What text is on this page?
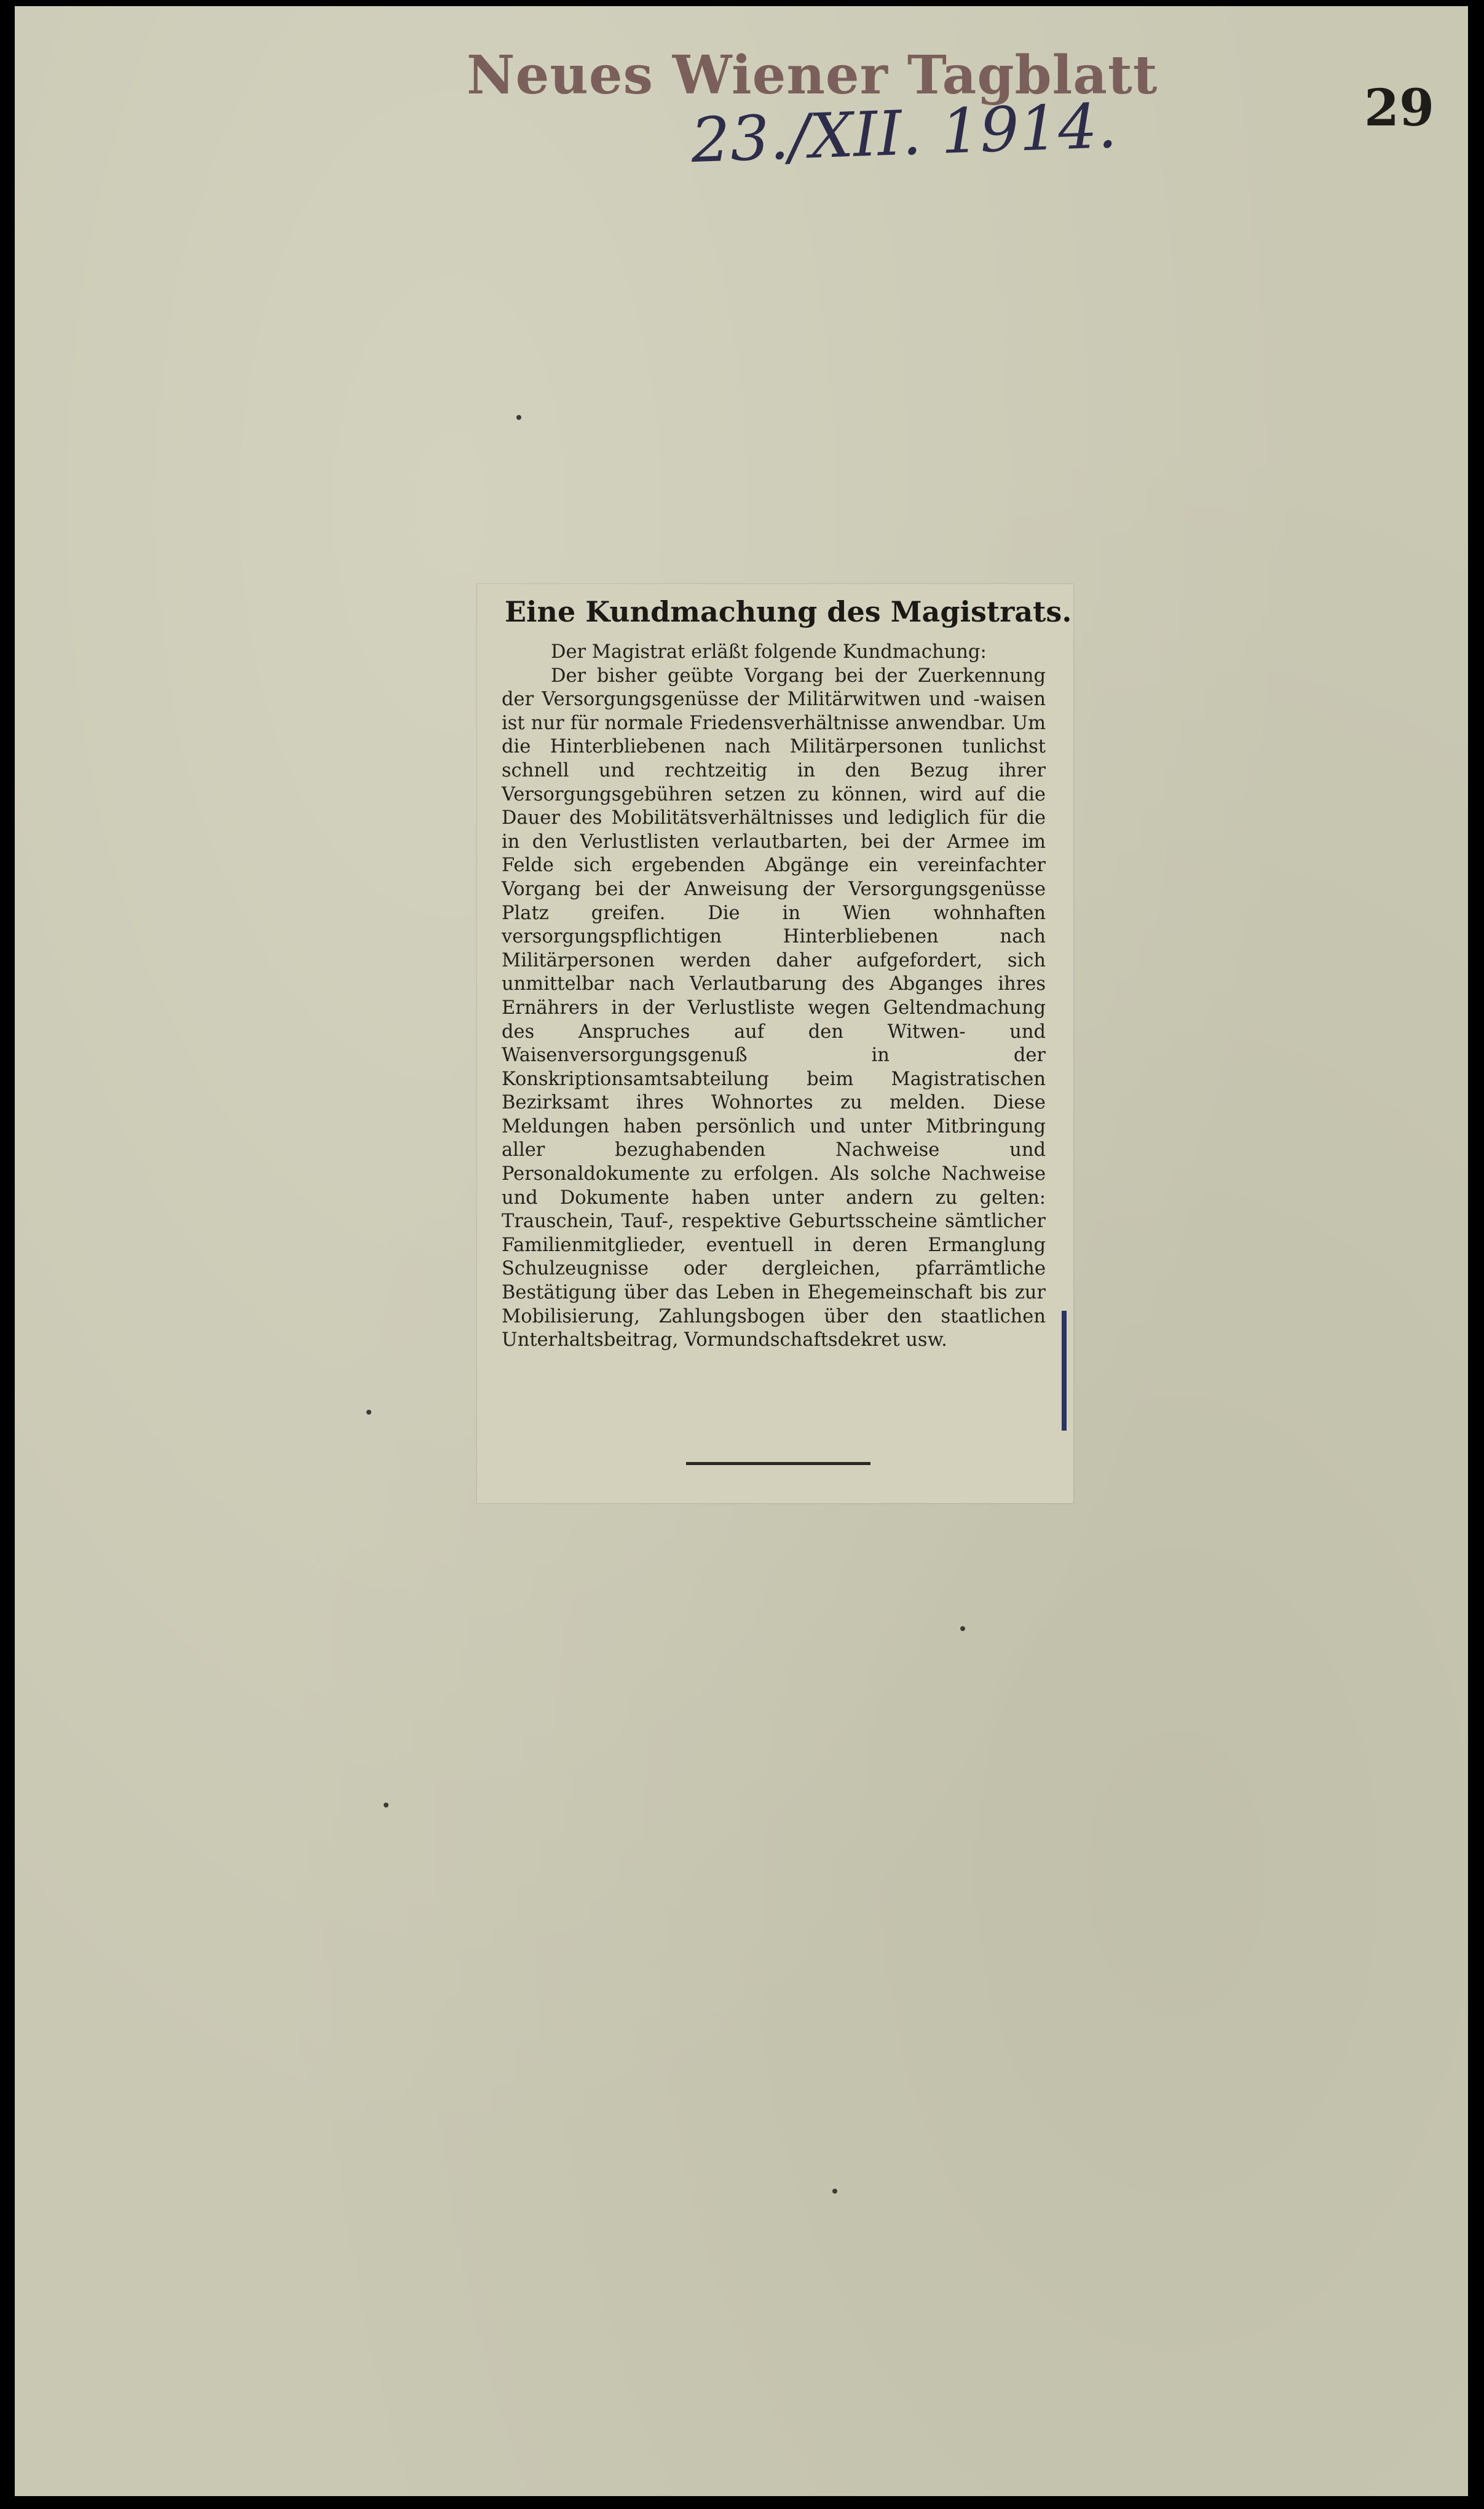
Neues Wiener Tagblatt
23./XII. 1914.	29
Eine Kundmachung des Magistrats.

Der Magistrat erläßt folgende Kundmachung:

Der bisher geübte Vorgang bei der Zuerkennung der Versorgungsgenüsse der Militärwitwen und -waisen ist nur für normale Friedensverhältnisse anwendbar. Um die Hinterbliebenen nach Militärpersonen tunlichst schnell und rechtzeitig in den Bezug ihrer Versorgungsgebühren setzen zu können, wird auf die Dauer des Mobilitätsverhältnisses und lediglich für die in den Verlustlisten verlautbarten, bei der Armee im Felde sich ergebenden Abgänge ein vereinfachter Vorgang bei der Anweisung der Versorgungsgenüsse Platz greifen. Die in Wien wohnhaften versorgungspflichtigen Hinterbliebenen nach Militärpersonen werden daher aufgefordert, sich unmittelbar nach Verlautbarung des Abganges ihres Ernährers in der Verlustliste wegen Geltendmachung des Anspruches auf den Witwen- und Waisenversorgungsgenuß in der Konskriptionsamtsabteilung beim Magistratischen Bezirksamt ihres Wohnortes zu melden. Diese Meldungen haben persönlich und unter Mitbringung aller bezughabenden Nachweise und Personaldokumente zu erfolgen. Als solche Nachweise und Dokumente haben unter andern zu gelten: Trauschein, Tauf-, respektive Geburtsscheine sämtlicher Familienmitglieder, eventuell in deren Ermanglung Schulzeugnisse oder dergleichen, pfarrämtliche Bestätigung über das Leben in Ehegemeinschaft bis zur Mobilisierung, Zahlungsbogen über den staatlichen Unterhaltsbeitrag, Vormundschaftsdekret usw.
